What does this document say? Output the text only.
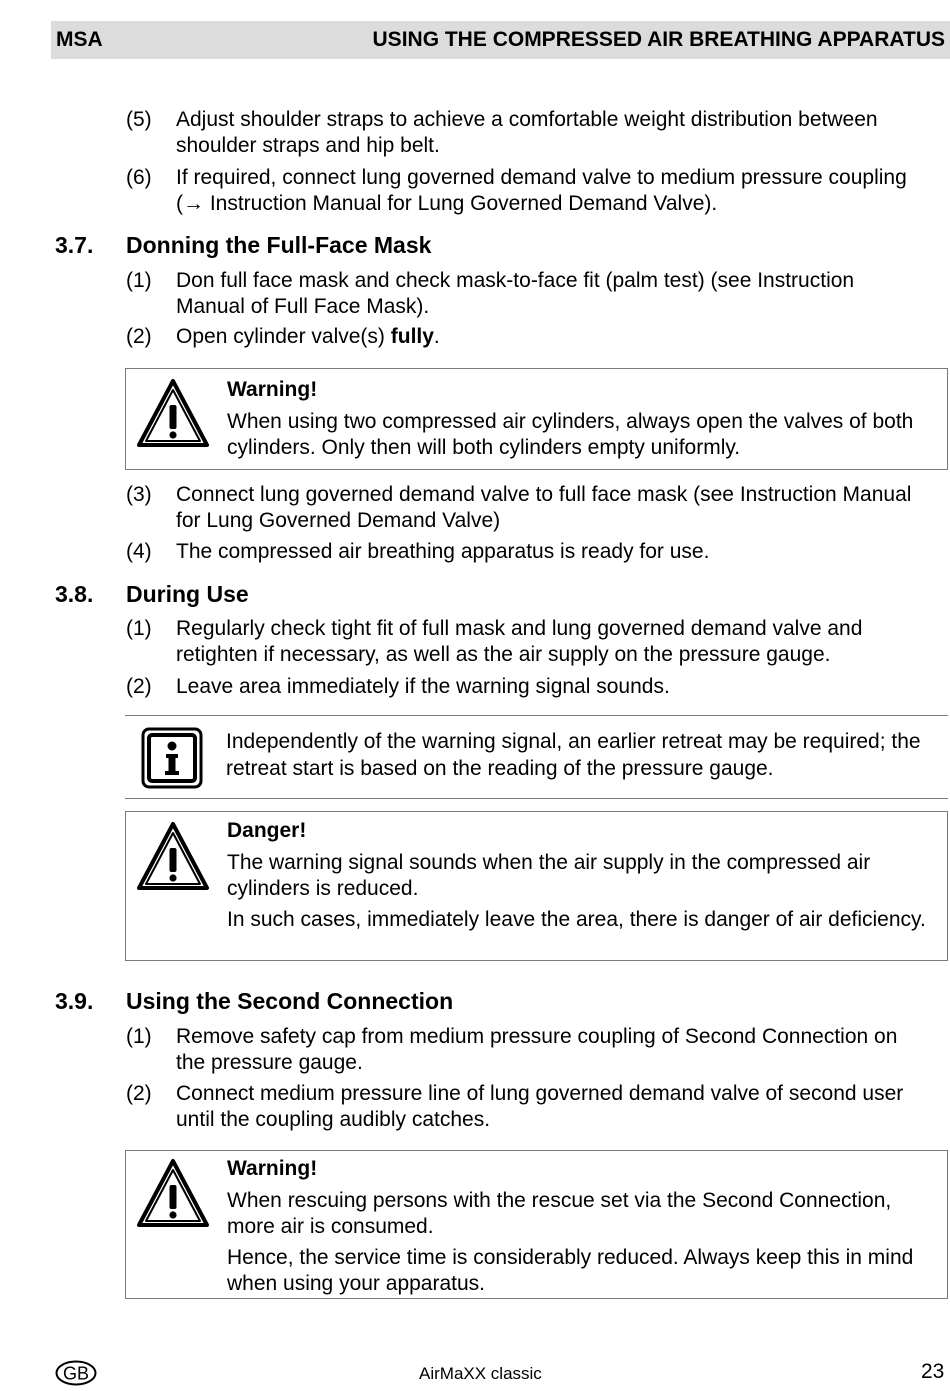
MSA	USING THE COMPRESSED AIR BREATHING APPARATUS
(5) Adjust shoulder straps to achieve a comfortable weight distribution between shoulder straps and hip belt.
(6) If required, connect lung governed demand valve to medium pressure coupling (→ Instruction Manual for Lung Governed Demand Valve).
3.7. Donning the Full-Face Mask
(1) Don full face mask and check mask-to-face fit (palm test) (see Instruction Manual of Full Face Mask).
(2) Open cylinder valve(s) fully.
Warning!

When using two compressed air cylinders, always open the valves of both cylinders. Only then will both cylinders empty uniformly.

(3) Connect lung governed demand valve to full face mask (see Instruction Manual for Lung Governed Demand Valve)
(4) The compressed air breathing apparatus is ready for use.
3.8. During Use
(1) Regularly check tight fit of full mask and lung governed demand valve and retighten if necessary, as well as the air supply on the pressure gauge.
(2) Leave area immediately if the warning signal sounds.
Independently of the warning signal, an earlier retreat may be required; the retreat start is based on the reading of the pressure gauge.
Danger!

The warning signal sounds when the air supply in the compressed air cylinders is reduced.

In such cases, immediately leave the area, there is danger of air deficiency.

3.9. Using the Second Connection
(1) Remove safety cap from medium pressure coupling of Second Connection on the pressure gauge.
(2) Connect medium pressure line of lung governed demand valve of second user until the coupling audibly catches.
Warning!

When rescuing persons with the rescue set via the Second Connection, more air is consumed.

Hence, the service time is considerably reduced. Always keep this in mind when using your apparatus.

GB	AirMaXX classic	23
